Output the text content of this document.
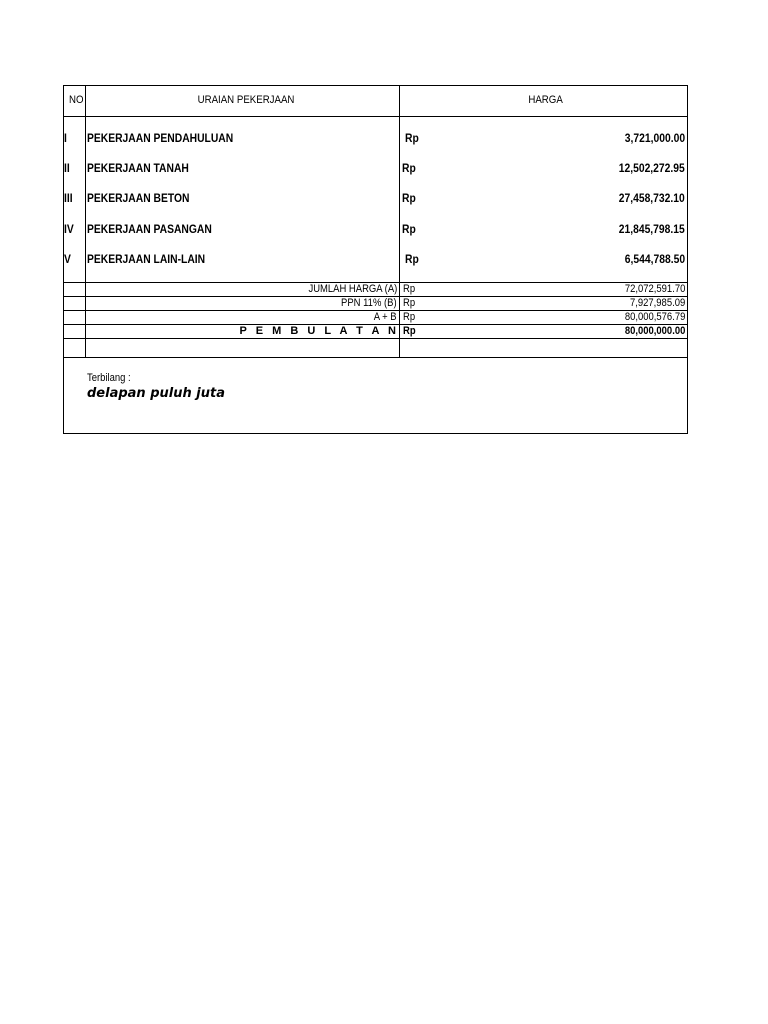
NO	URAIAN PEKERJAAN	HARGA
I PEKERJAAN PENDAHULUAN	Rp	3,721,000.00
II PEKERJAAN TANAH	Rp	12,502,272.95
III PEKERJAAN BETON	Rp	27,458,732.10
IV PEKERJAAN PASANGAN	Rp	21,845,798.15
V PEKERJAAN LAIN-LAIN	Rp	6,544,788.50
JUMLAH HARGA (A) Rp	72,072,591.70
PPN 11% (B) Rp	7,927,985.09
A + B Rp	80,000,576.79
P E M B U L A T A N Rp	80,000,000.00
Terbilang :
delapan puluh juta
